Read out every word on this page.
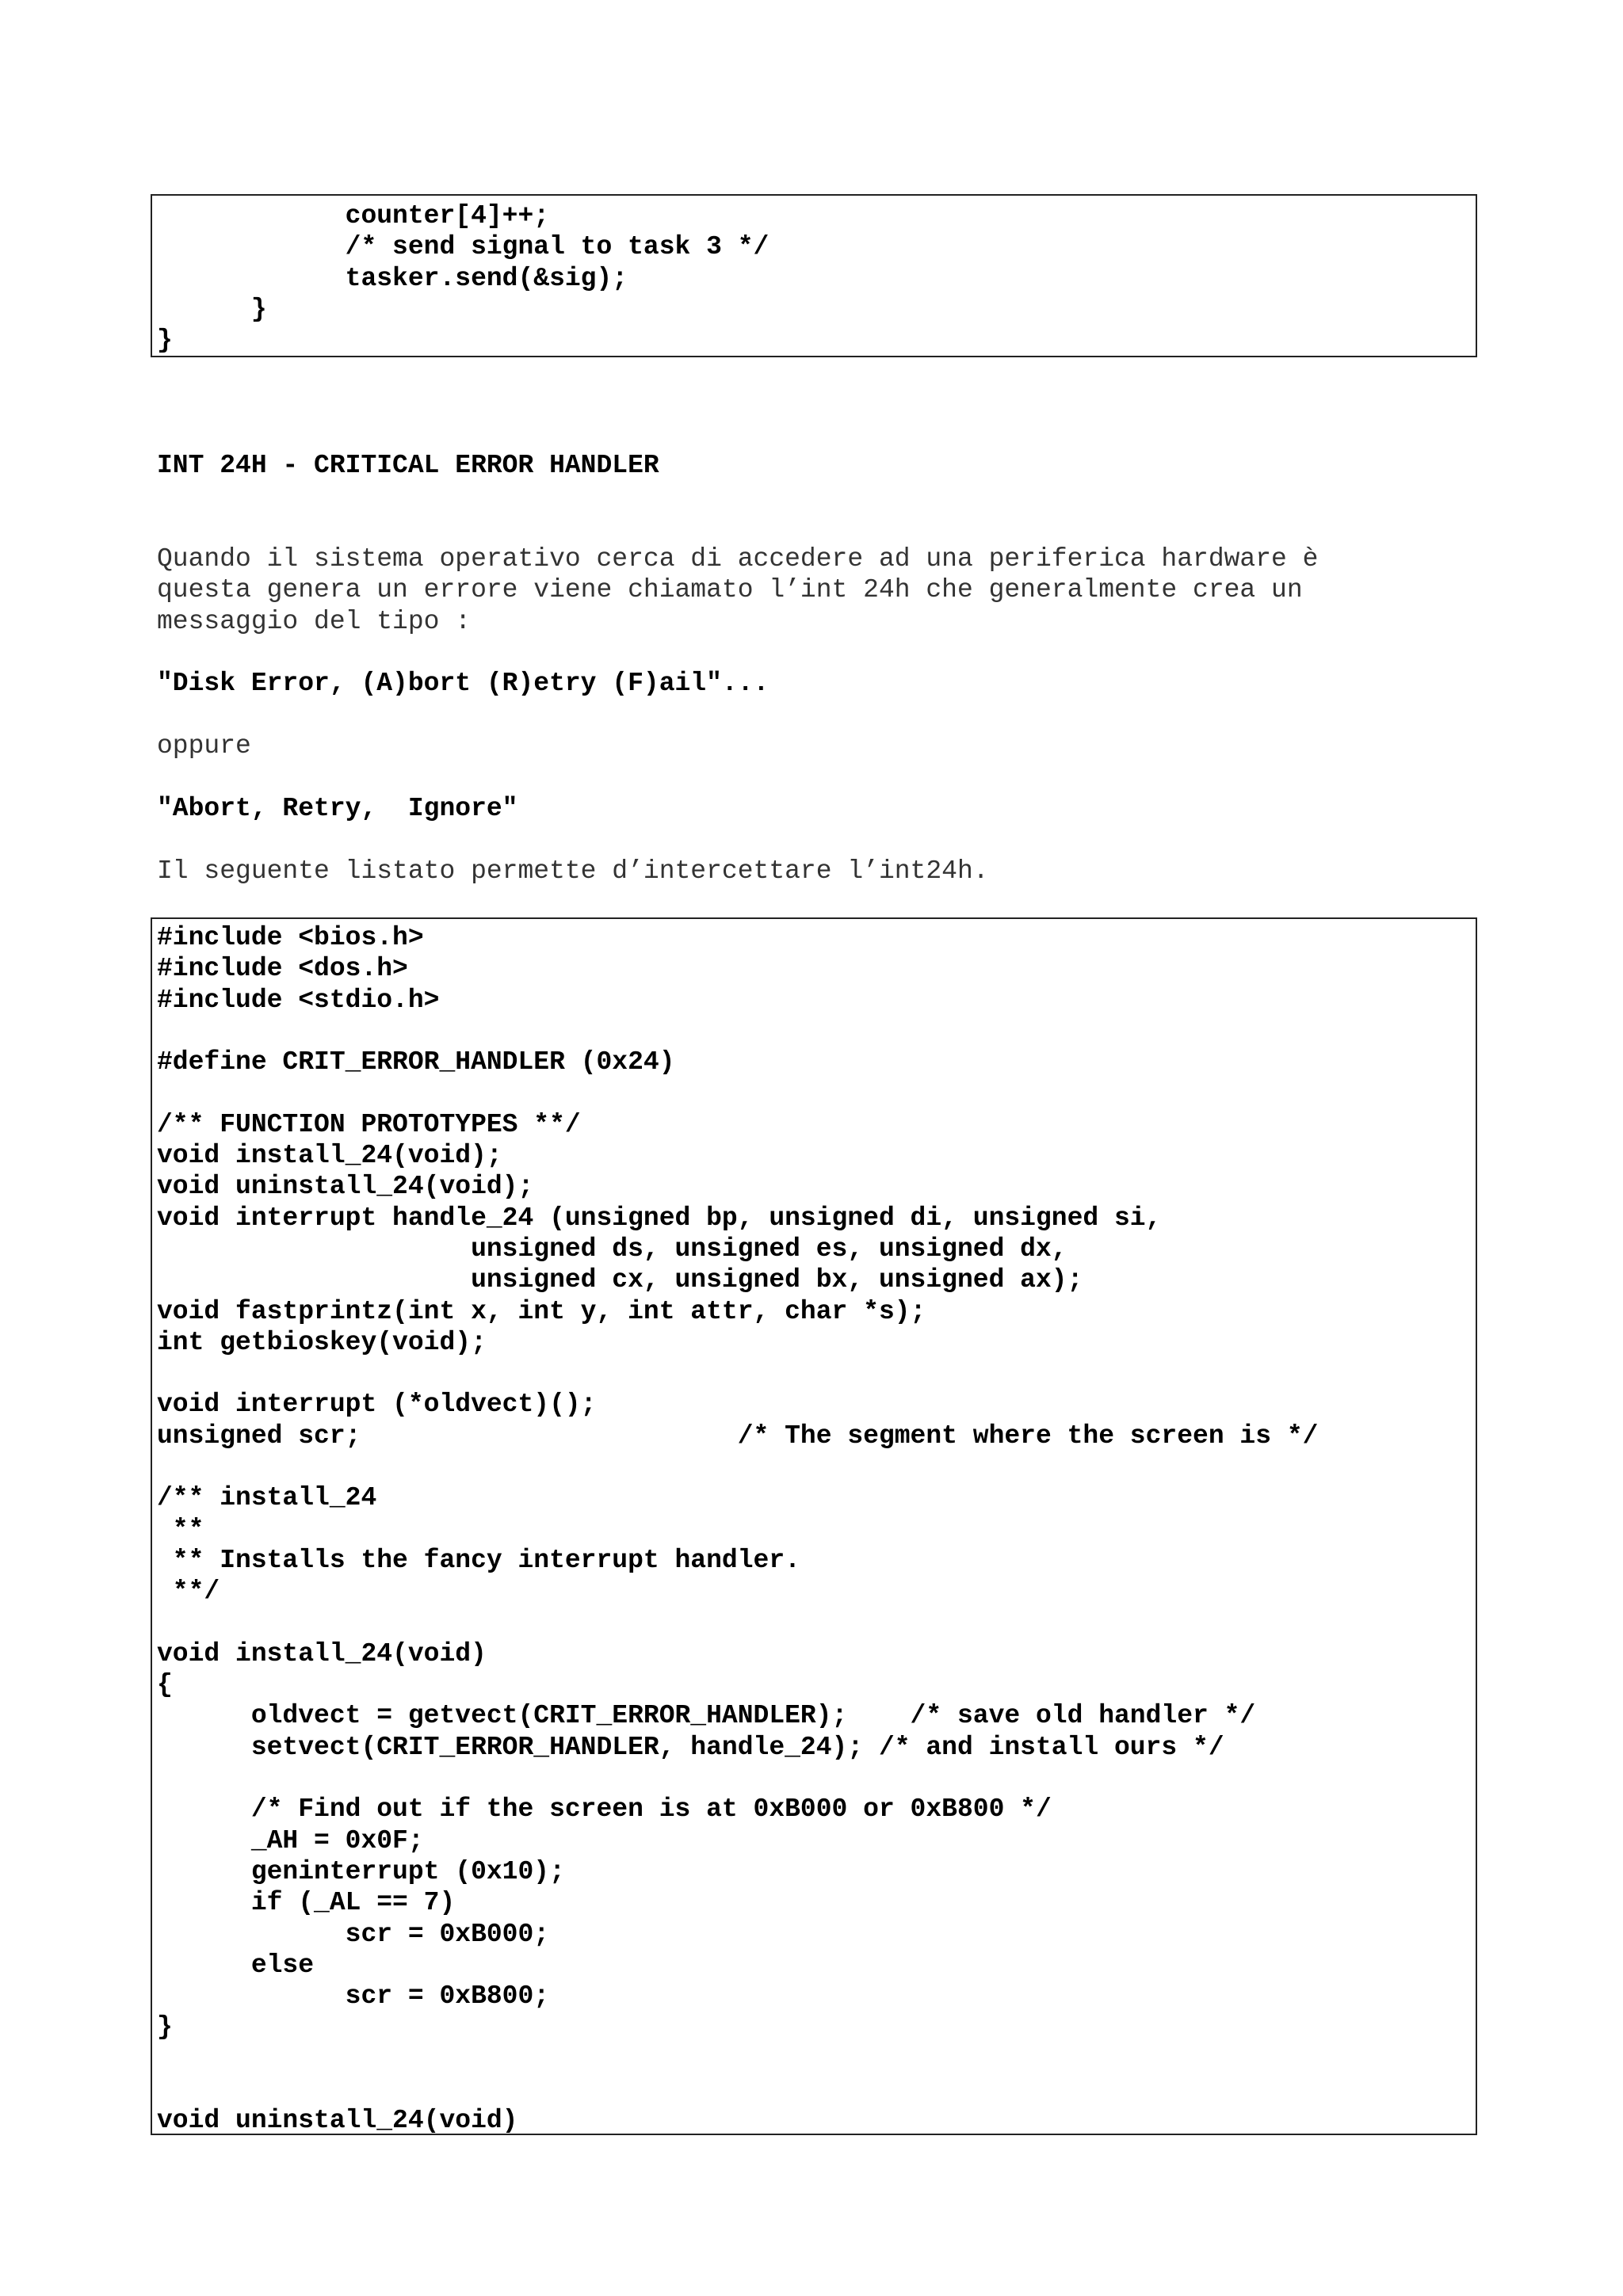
counter[4]++;
/* send signal to task 3 */
tasker.send(&sig);
}
}
INT 24H - CRITICAL ERROR HANDLER
Quando il sistema operativo cerca di accedere ad una periferica hardware è
questa genera un errore viene chiamato l’int 24h che generalmente crea un
messaggio del tipo :
"Disk Error, (A)bort (R)etry (F)ail"...
oppure
"Abort, Retry,  Ignore"
Il seguente listato permette d’intercettare l’int24h.
#include <bios.h>
#include <dos.h>
#include <stdio.h>

#define CRIT_ERROR_HANDLER (0x24)

/** FUNCTION PROTOTYPES **/
void install_24(void);
void uninstall_24(void);
void interrupt handle_24 (unsigned bp, unsigned di, unsigned si,
unsigned ds, unsigned es, unsigned dx,
unsigned cx, unsigned bx, unsigned ax);
void fastprintz(int x, int y, int attr, char *s);
int getbioskey(void);

void interrupt (*oldvect)();
unsigned scr;                        /* The segment where the screen is */

/** install_24
**
** Installs the fancy interrupt handler.
**/

void install_24(void)
{
oldvect = getvect(CRIT_ERROR_HANDLER);    /* save old handler */
setvect(CRIT_ERROR_HANDLER, handle_24); /* and install ours */

/* Find out if the screen is at 0xB000 or 0xB800 */
_AH = 0x0F;
geninterrupt (0x10);
if (_AL == 7)
scr = 0xB000;
else
scr = 0xB800;
}

void uninstall_24(void)
